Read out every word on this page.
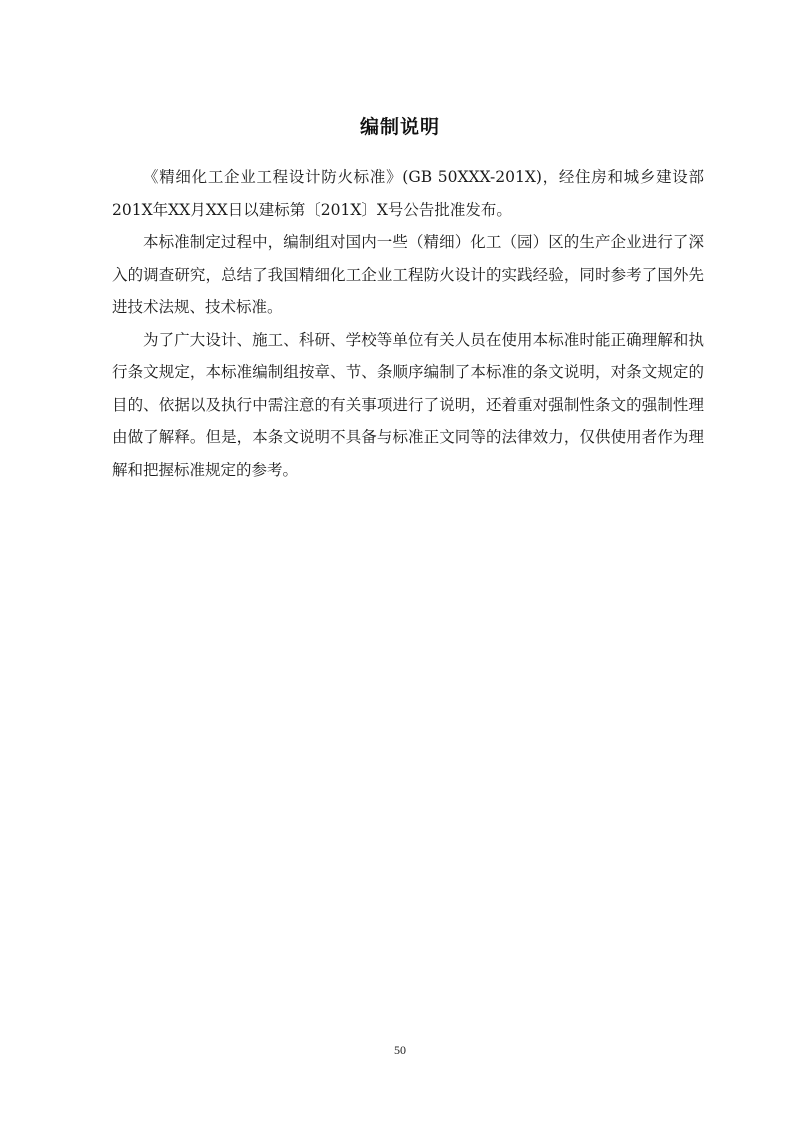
编制说明

《精细化工企业工程设计防火标准》(GB 50XXX-201X)，经住房和城乡建设部201X年XX月XX日以建标第〔201X〕X号公告批准发布。

本标准制定过程中，编制组对国内一些（精细）化工（园）区的生产企业进行了深入的调查研究，总结了我国精细化工企业工程防火设计的实践经验，同时参考了国外先进技术法规、技术标准。

为了广大设计、施工、科研、学校等单位有关人员在使用本标准时能正确理解和执行条文规定，本标准编制组按章、节、条顺序编制了本标准的条文说明，对条文规定的目的、依据以及执行中需注意的有关事项进行了说明，还着重对强制性条文的强制性理由做了解释。但是，本条文说明不具备与标准正文同等的法律效力，仅供使用者作为理解和把握标准规定的参考。

50
